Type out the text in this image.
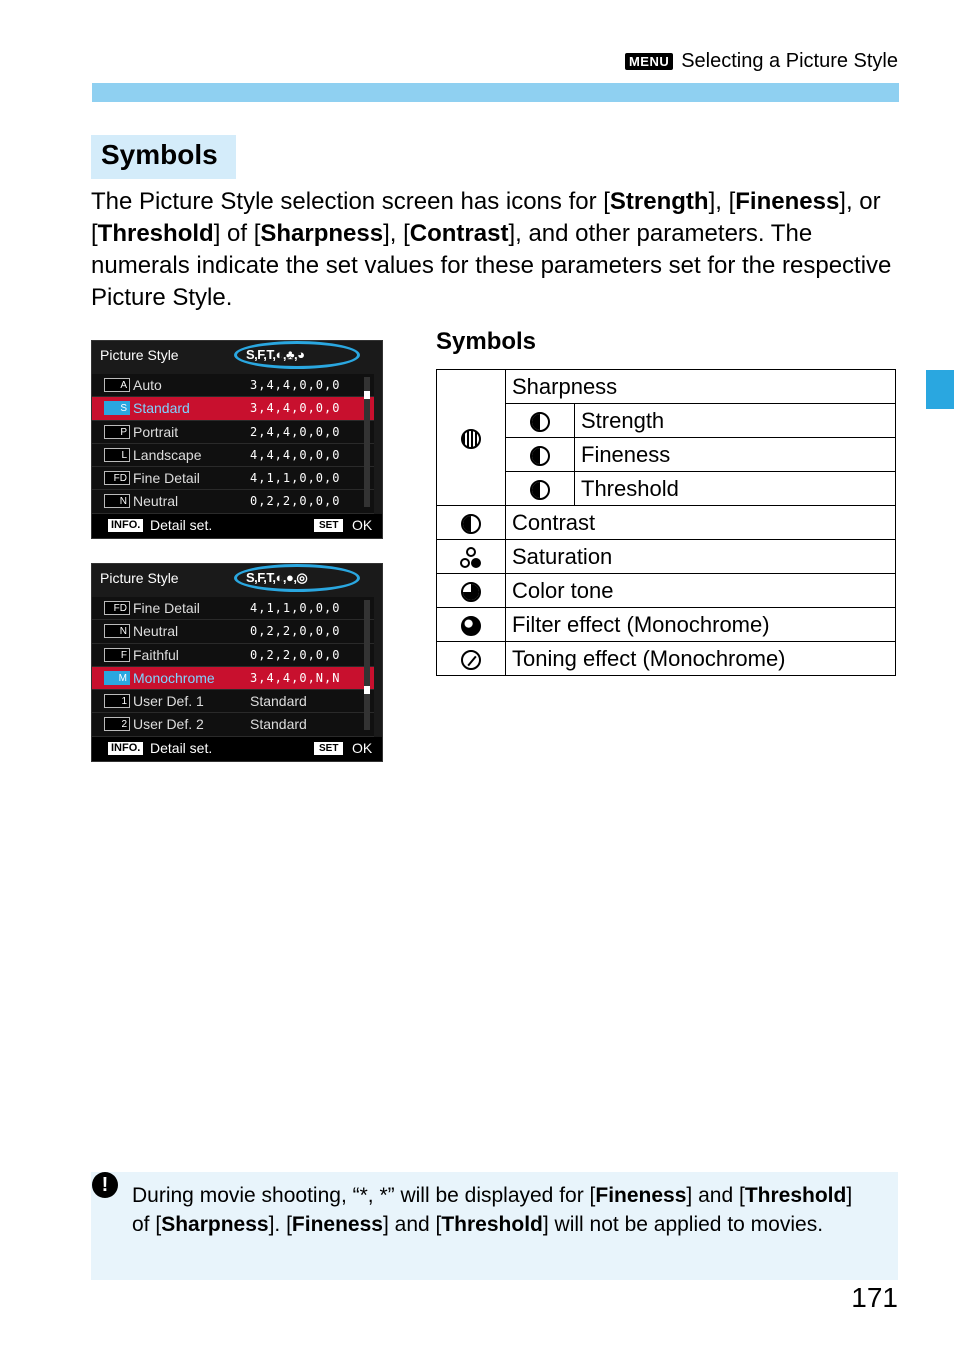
MENU Selecting a Picture Style
Symbols
The Picture Style selection screen has icons for [Strength], [Fineness], or [Threshold] of [Sharpness], [Contrast], and other parameters. The numerals indicate the set values for these parameters set for the respective Picture Style.
Picture Style	S,F,T,◐,♣,◕
A Auto	3,4,4,0,0,0
S Standard	3,4,4,0,0,0
P Portrait	2,4,4,0,0,0
L Landscape	4,4,4,0,0,0
FD Fine Detail	4,1,1,0,0,0
N Neutral	0,2,2,0,0,0
INFO. Detail set.	SET OK
Picture Style	S,F,T,◐,●,◎
FD Fine Detail	4,1,1,0,0,0
N Neutral	0,2,2,0,0,0
F Faithful	0,2,2,0,0,0
M Monochrome	3,4,4,0,N,N
1 User Def. 1	Standard
2 User Def. 2	Standard
INFO. Detail set.	SET OK
Symbols
	Sharpness	
		Strength
		Fineness
		Threshold
	Contrast	

	Saturation	
	Color tone	
	Filter effect (Monochrome)	
	Toning effect (Monochrome)	
!	During movie shooting, “*, *” will be displayed for [Fineness] and [Threshold] of [Sharpness]. [Fineness] and [Threshold] will not be applied to movies.
171
